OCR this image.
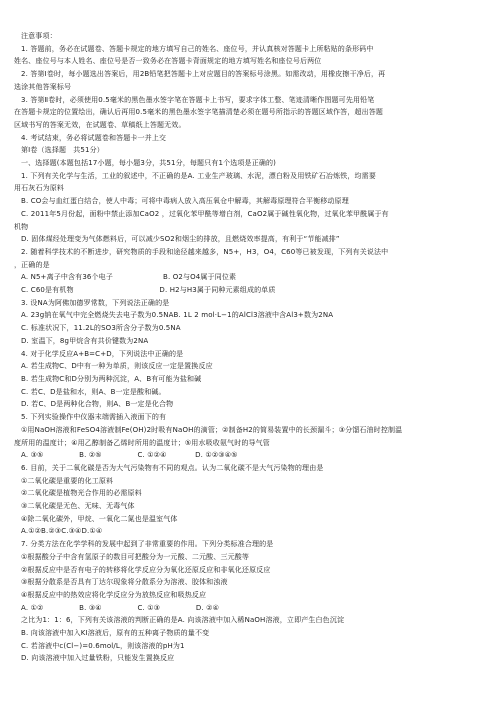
注意事项：
1. 答题前，务必在试题卷、答题卡规定的地方填写自己的姓名、座位号，并认真核对答题卡上所粘贴的条形码中
姓名、座位号与本人姓名、座位号是否一致务必在答题卡背面规定的地方填写姓名和座位号后两位
2. 答第Ⅰ卷时，每小题选出答案后，用2B铅笔把答题卡上对应题目的答案标号涂黑。如需改动，用橡皮擦干净后，再
选涂其他答案标号
3. 答第Ⅱ卷时，必须使用0.5毫米的黑色墨水签字笔在答题卡上书写，要求字体工整、笔迹清晰作图题可先用铅笔
在答题卡规定的位置绘出，确认后再用0.5毫米的黑色墨水签字笔描清楚必须在题号所指示的答题区域作答，超出答题
区域书写的答案无效，在试题卷、草稿纸上答题无效。
4. 考试结束，务必将试题卷和答题卡一并上交
第Ⅰ卷（选择题　共51分）
一、选择题(本题包括17小题，每小题3分，共51分，每题只有1个选项是正确的)
1. 下列有关化学与生活，工业的叙述中，不正确的是A. 工业生产玻璃、水泥，漂白粉及用铁矿石冶炼铁，均需要
用石灰石为原料
B. CO会与血红蛋白结合，使人中毒；可将中毒病人放入高压氧仓中解毒，其解毒原理符合平衡移动原理
C. 2011年5月份起，面粉中禁止添加CaO2 ，过氧化苯甲酰等增白剂，CaO2属于碱性氧化物，过氧化苯甲酰属于有
机物
D. 固体煤经处理变为气体燃料后，可以减少SO2和烟尘的排放，且燃烧效率提高，有利于“节能减排”
2. 随着科学技术的不断进步，研究物质的手段和途径越来越多，N5+，H3，O4，C60等已被发现，下列有关说法中
，正确的是
A. N5+离子中含有36个电子　　　　　　　B. O2与O4属于同位素
C. C60是有机物　　　　　　　　　　　　D. H2与H3属于同种元素组成的单质
3. 设NA为阿佛加德罗常数，下列说法正确的是
A. 23g钠在氧气中完全燃烧失去电子数为0.5NAB. 1L 2 mol·L−1的AlCl3溶液中含Al3+数为2NA
C. 标准状况下，11.2L的SO3所含分子数为0.5NA
D. 室温下，8g甲烷含有共价键数为2NA
4. 对于化学反应A+B=C+D，下列说法中正确的是
A. 若生成物C、D中有一种为单质，则该反应一定是置换反应
B. 若生成物C和D分别为两种沉淀，A、B有可能为盐和碱
C. 若C、D是盐和水，则A、B一定是酸和碱。
D. 若C、D是两种化合物，则A、B一定是化合物
5. 下列实验操作中仪器末端需插入液面下的有
①用NaOH溶液和FeSO4溶液制Fe(OH)2时吸有NaOH的滴管；②制备H2的简易装置中的长颈漏斗；③分馏石油时控制温
度所用的温度计；④用乙醇制备乙烯时所用的温度计；⑤用水吸收氨气时的导气管
A. ③⑤　　　　　B. ②⑤　　　　　C. ①②④　　　　D. ①②③④⑤
6. 目前，关于二氧化碳是否为大气污染物有不同的观点。认为二氧化碳不是大气污染物的理由是
①二氧化碳是重要的化工原料
②二氧化碳是植物光合作用的必需原料
③二氧化碳是无色、无味、无毒气体
④除二氧化碳外，甲烷、一氧化二氮也是温室气体
A.①②B.②③C.③④D.①④
7. 分类方法在化学学科的发展中起到了非常重要的作用。下列分类标准合理的是
①根据酸分子中含有氢原子的数目可把酸分为一元酸、二元酸、三元酸等
②根据反应中是否有电子的转移将化学反应分为氧化还原反应和非氧化还原反应
③根据分散系是否具有丁达尔现象将分散系分为溶液、胶体和浊液
④根据反应中的热效应将化学反应分为放热反应和吸热反应
A. ①②　　　　　B. ③④　　　　　C. ①③　　　　　D. ②④
之比为1：1：6，下列有关该溶液的判断正确的是A. 向该溶液中加入稀NaOH溶液，立即产生白色沉淀
B. 向该溶液中加入KI溶液后，原有的五种离子物质的量不变
C. 若溶液中c(Cl−)=0.6mol/L，则该溶液的pH为1
D. 向该溶液中加入过量铁粉，只能发生置换反应
